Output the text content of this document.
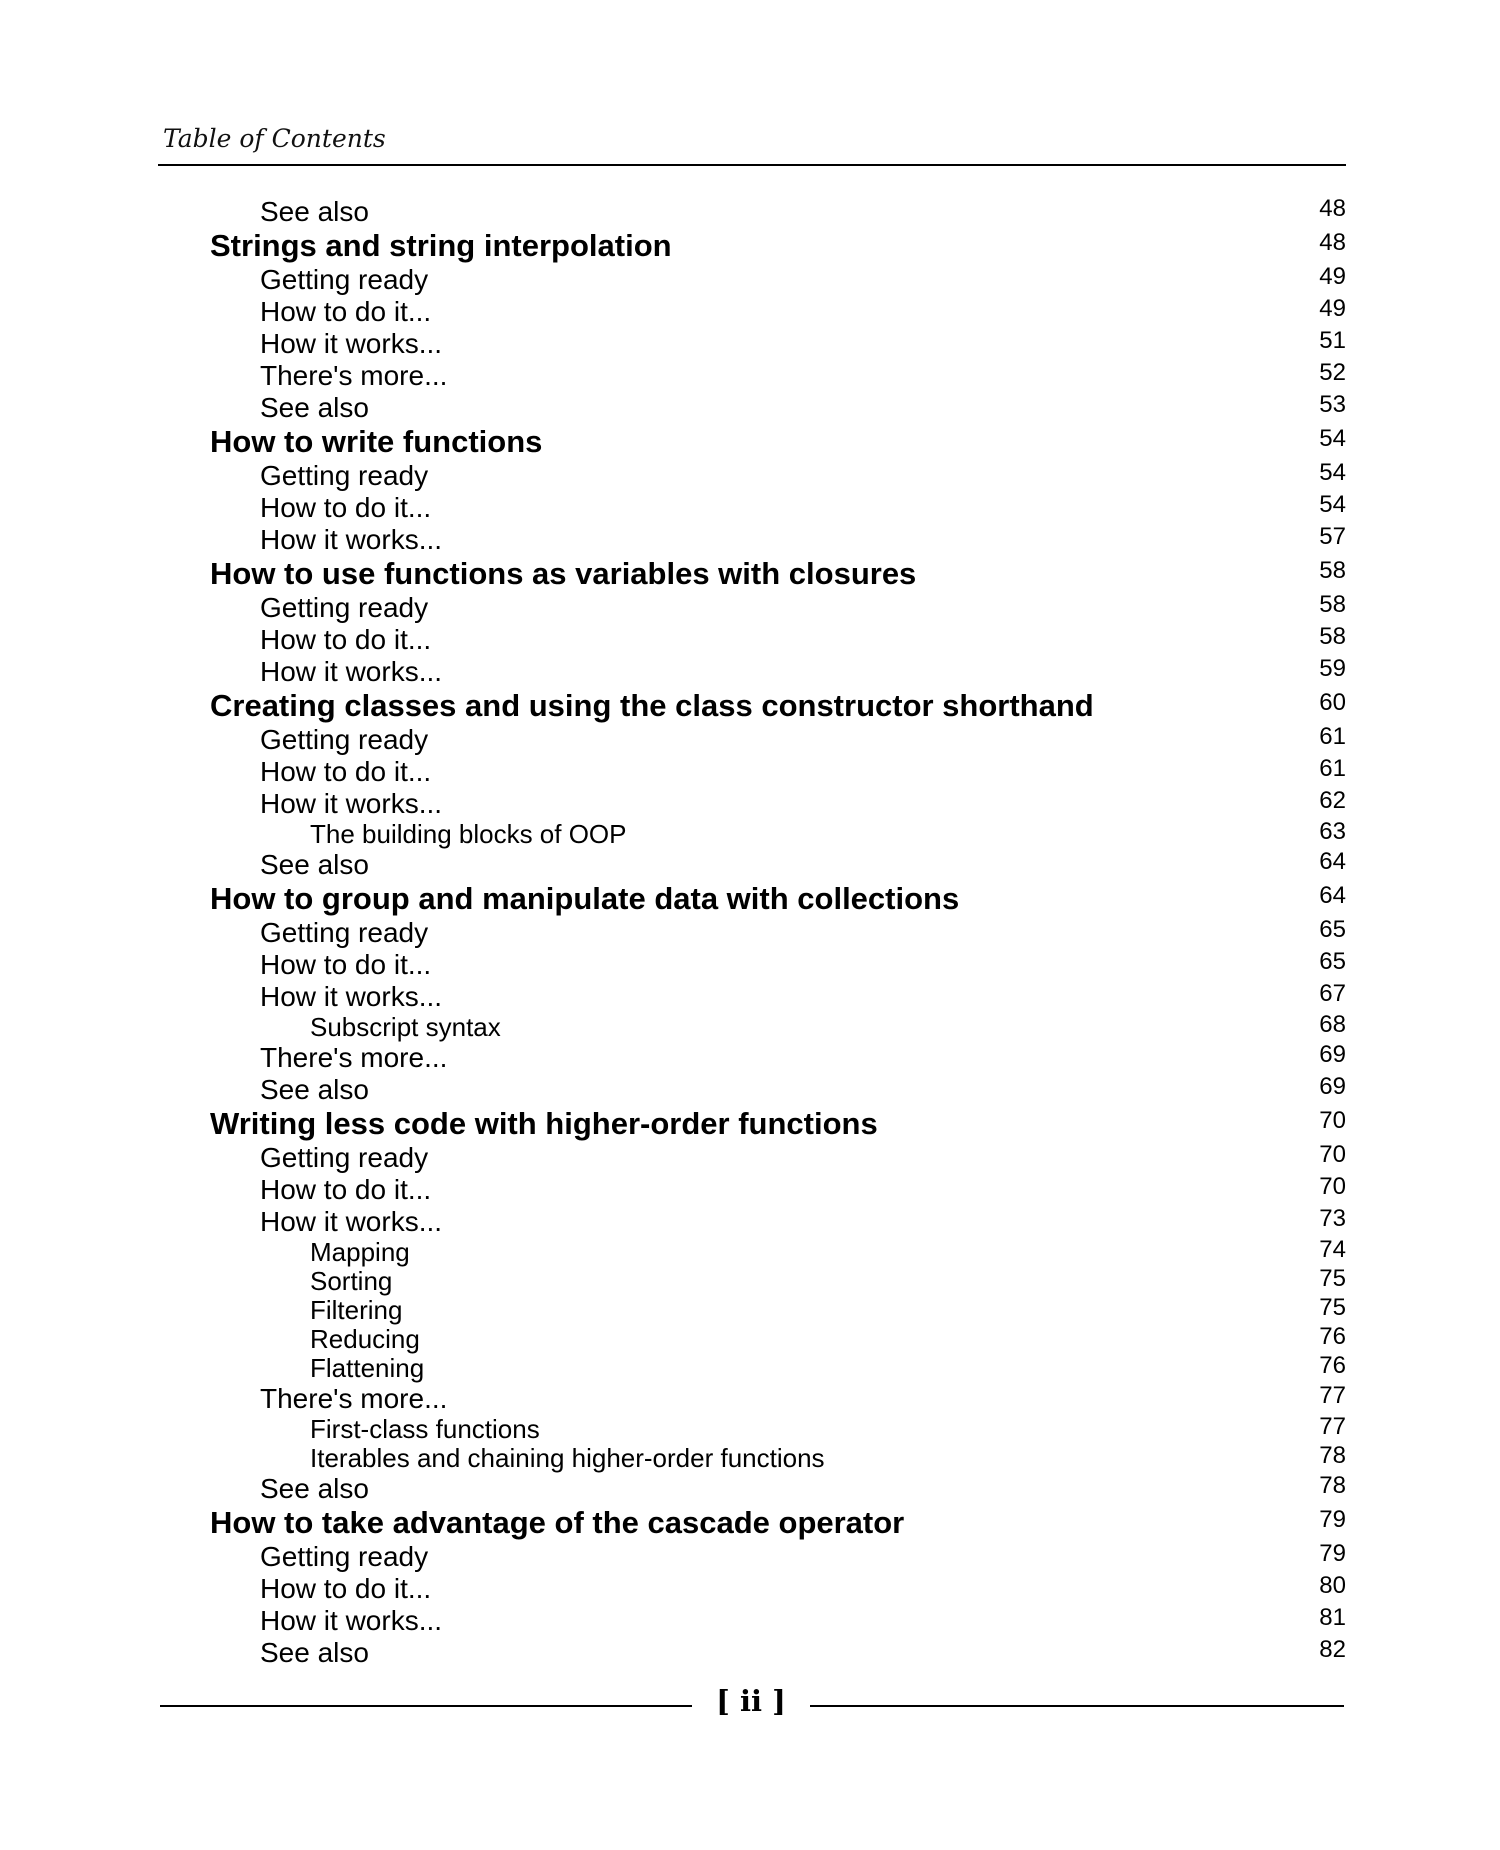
Table of Contents
See also	48
Strings and string interpolation	48
Getting ready	49
How to do it...	49
How it works...	51
There's more...	52
See also	53
How to write functions	54
Getting ready	54
How to do it...	54
How it works...	57
How to use functions as variables with closures	58
Getting ready	58
How to do it...	58
How it works...	59
Creating classes and using the class constructor shorthand	60
Getting ready	61
How to do it...	61
How it works...	62
The building blocks of OOP	63
See also	64
How to group and manipulate data with collections	64
Getting ready	65
How to do it...	65
How it works...	67
Subscript syntax	68
There's more...	69
See also	69
Writing less code with higher-order functions	70
Getting ready	70
How to do it...	70
How it works...	73
Mapping	74
Sorting	75
Filtering	75
Reducing	76
Flattening	76
There's more...	77
First-class functions	77
Iterables and chaining higher-order functions	78
See also	78
How to take advantage of the cascade operator	79
Getting ready	79
How to do it...	80
How it works...	81
See also	82
[ ii ]
